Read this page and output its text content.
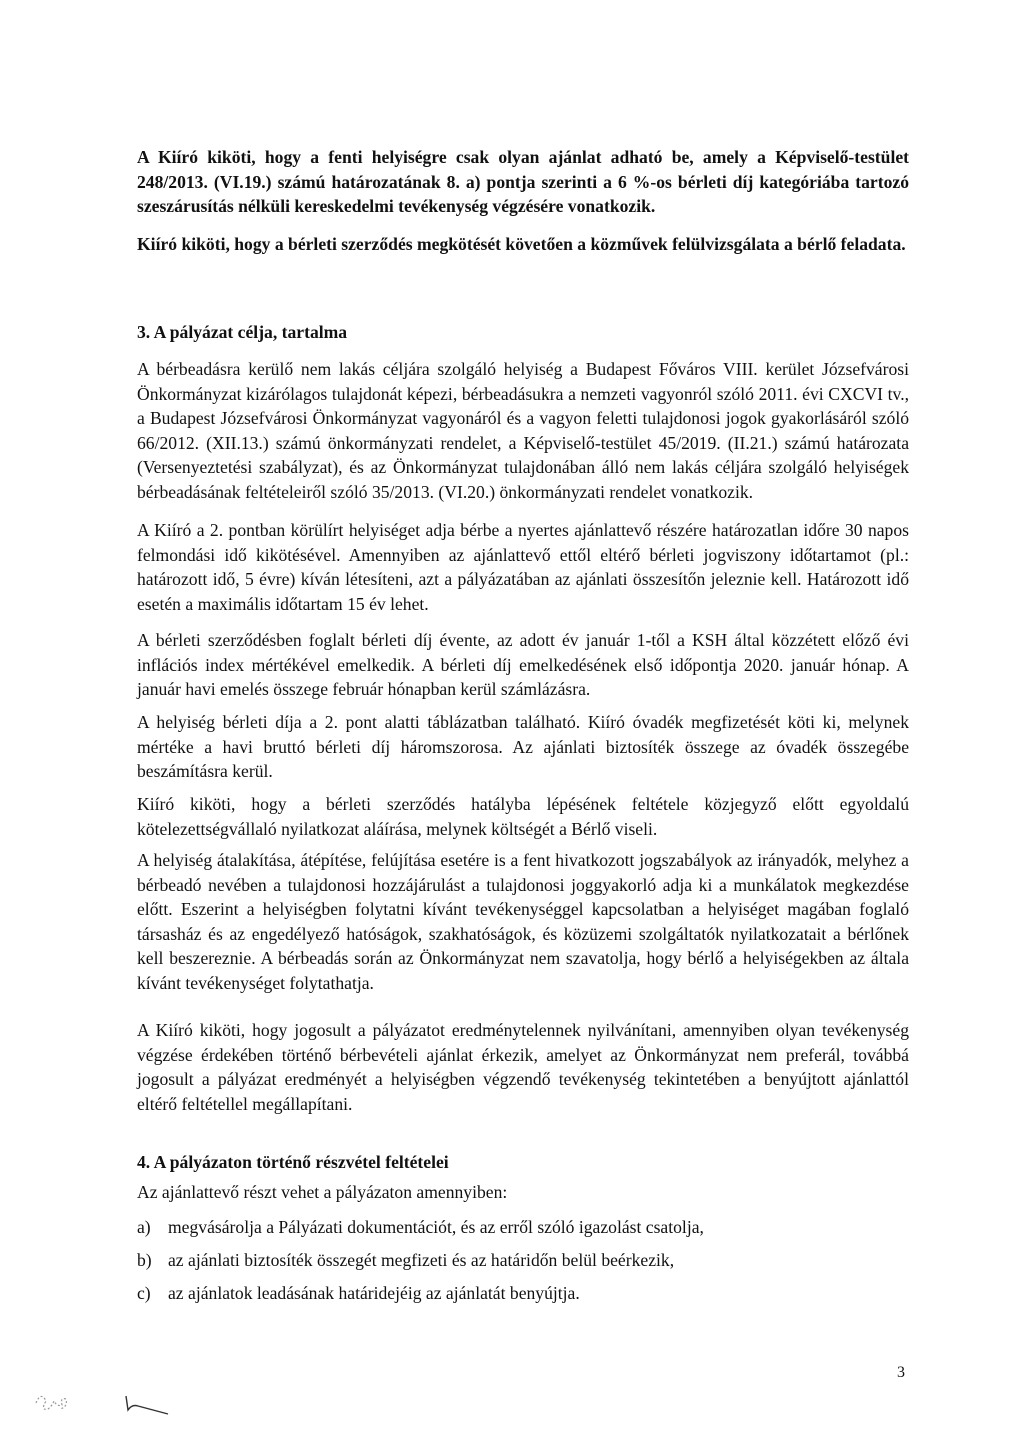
A Kiíró kiköti, hogy a fenti helyiségre csak olyan ajánlat adható be, amely a Képviselő-testület 248/2013. (VI.19.) számú határozatának 8. a) pontja szerinti a 6 %-os bérleti díj kategóriába tartozó szeszárusítás nélküli kereskedelmi tevékenység végzésére vonatkozik.

Kiíró kiköti, hogy a bérleti szerződés megkötését követően a közművek felülvizsgálata a bérlő feladata.

3. A pályázat célja, tartalma

A bérbeadásra kerülő nem lakás céljára szolgáló helyiség a Budapest Főváros VIII. kerület Józsefvárosi Önkormányzat kizárólagos tulajdonát képezi, bérbeadásukra a nemzeti vagyonról szóló 2011. évi CXCVI tv., a Budapest Józsefvárosi Önkormányzat vagyonáról és a vagyon feletti tulajdonosi jogok gyakorlásáról szóló 66/2012. (XII.13.) számú önkormányzati rendelet, a Képviselő-testület 45/2019. (II.21.) számú határozata (Versenyeztetési szabályzat), és az Önkormányzat tulajdonában álló nem lakás céljára szolgáló helyiségek bérbeadásának feltételeiről szóló 35/2013. (VI.20.) önkormányzati rendelet vonatkozik.

A Kiíró a 2. pontban körülírt helyiséget adja bérbe a nyertes ajánlattevő részére határozatlan időre 30 napos felmondási idő kikötésével. Amennyiben az ajánlattevő ettől eltérő bérleti jogviszony időtartamot (pl.: határozott idő, 5 évre) kíván létesíteni, azt a pályázatában az ajánlati összesítőn jeleznie kell. Határozott idő esetén a maximális időtartam 15 év lehet.

A bérleti szerződésben foglalt bérleti díj évente, az adott év január 1-től a KSH által közzétett előző évi inflációs index mértékével emelkedik. A bérleti díj emelkedésének első időpontja 2020. január hónap. A január havi emelés összege február hónapban kerül számlázásra.

A helyiség bérleti díja a 2. pont alatti táblázatban található. Kiíró óvadék megfizetését köti ki, melynek mértéke a havi bruttó bérleti díj háromszorosa. Az ajánlati biztosíték összege az óvadék összegébe beszámításra kerül.

Kiíró kiköti, hogy a bérleti szerződés hatályba lépésének feltétele közjegyző előtt egyoldalú kötelezettségvállaló nyilatkozat aláírása, melynek költségét a Bérlő viseli.

A helyiség átalakítása, átépítése, felújítása esetére is a fent hivatkozott jogszabályok az irányadók, melyhez a bérbeadó nevében a tulajdonosi hozzájárulást a tulajdonosi joggyakorló adja ki a munkálatok megkezdése előtt. Eszerint a helyiségben folytatni kívánt tevékenységgel kapcsolatban a helyiséget magában foglaló társasház és az engedélyező hatóságok, szakhatóságok, és közüzemi szolgáltatók nyilatkozatait a bérlőnek kell beszereznie. A bérbeadás során az Önkormányzat nem szavatolja, hogy bérlő a helyiségekben az általa kívánt tevékenységet folytathatja.

A Kiíró kiköti, hogy jogosult a pályázatot eredménytelennek nyilvánítani, amennyiben olyan tevékenység végzése érdekében történő bérbevételi ajánlat érkezik, amelyet az Önkormányzat nem preferál, továbbá jogosult a pályázat eredményét a helyiségben végzendő tevékenység tekintetében a benyújtott ajánlattól eltérő feltétellel megállapítani.

4. A pályázaton történő részvétel feltételei

Az ajánlattevő részt vehet a pályázaton amennyiben:

a) megvásárolja a Pályázati dokumentációt, és az erről szóló igazolást csatolja,
b) az ajánlati biztosíték összegét megfizeti és az határidőn belül beérkezik,
c) az ajánlatok leadásának határidejéig az ajánlatát benyújtja.
3
